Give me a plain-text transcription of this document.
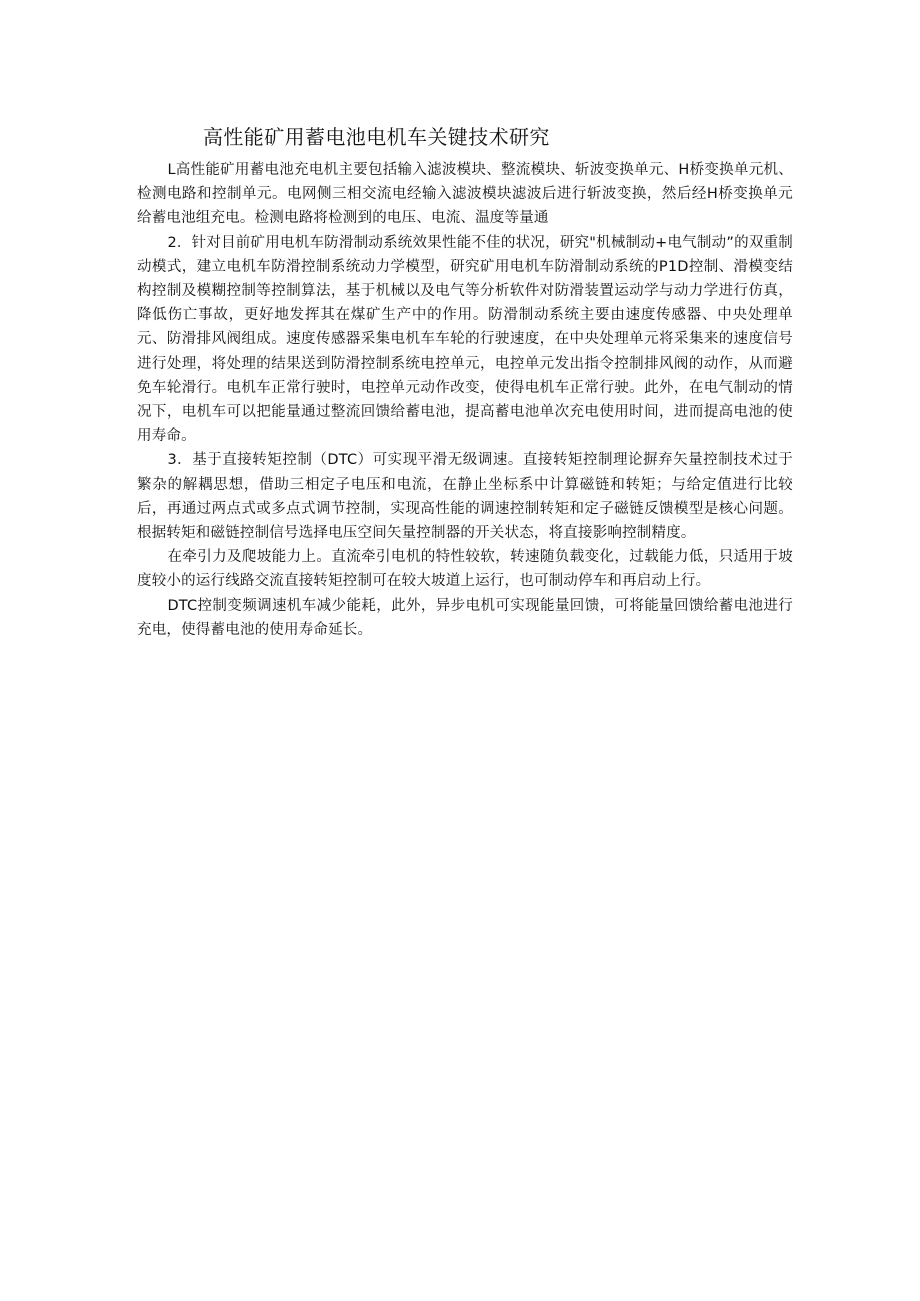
高性能矿用蓄电池电机车关键技术研究

L高性能矿用蓄电池充电机主要包括输入滤波模块、整流模块、斩波变换单元、H桥变换单元机、检测电路和控制单元。电网侧三相交流电经输入滤波模块滤波后进行斩波变换，然后经H桥变换单元给蓄电池组充电。检测电路将检测到的电压、电流、温度等量通

2．针对目前矿用电机车防滑制动系统效果性能不佳的状况，研究"机械制动+电气制动”的双重制动模式，建立电机车防滑控制系统动力学模型，研究矿用电机车防滑制动系统的P1D控制、滑模变结构控制及模糊控制等控制算法，基于机械以及电气等分析软件对防滑装置运动学与动力学进行仿真，降低伤亡事故，更好地发挥其在煤矿生产中的作用。防滑制动系统主要由速度传感器、中央处理单元、防滑排风阀组成。速度传感器采集电机车车轮的行驶速度，在中央处理单元将采集来的速度信号进行处理，将处理的结果送到防滑控制系统电控单元，电控单元发出指令控制排风阀的动作，从而避免车轮滑行。电机车正常行驶时，电控单元动作改变，使得电机车正常行驶。此外，在电气制动的情况下，电机车可以把能量通过整流回馈给蓄电池，提高蓄电池单次充电使用时间，进而提高电池的使用寿命。

3．基于直接转矩控制（DTC）可实现平滑无级调速。直接转矩控制理论摒弃矢量控制技术过于繁杂的解耦思想，借助三相定子电压和电流，在静止坐标系中计算磁链和转矩；与给定值进行比较后，再通过两点式或多点式调节控制，实现高性能的调速控制转矩和定子磁链反馈模型是核心问题。根据转矩和磁链控制信号选择电压空间矢量控制器的开关状态，将直接影响控制精度。

在牵引力及爬坡能力上。直流牵引电机的特性较软，转速随负载变化，过载能力低，只适用于坡度较小的运行线路交流直接转矩控制可在较大坡道上运行，也可制动停车和再启动上行。

DTC控制变频调速机车减少能耗，此外，异步电机可实现能量回馈，可将能量回馈给蓄电池进行充电，使得蓄电池的使用寿命延长。
